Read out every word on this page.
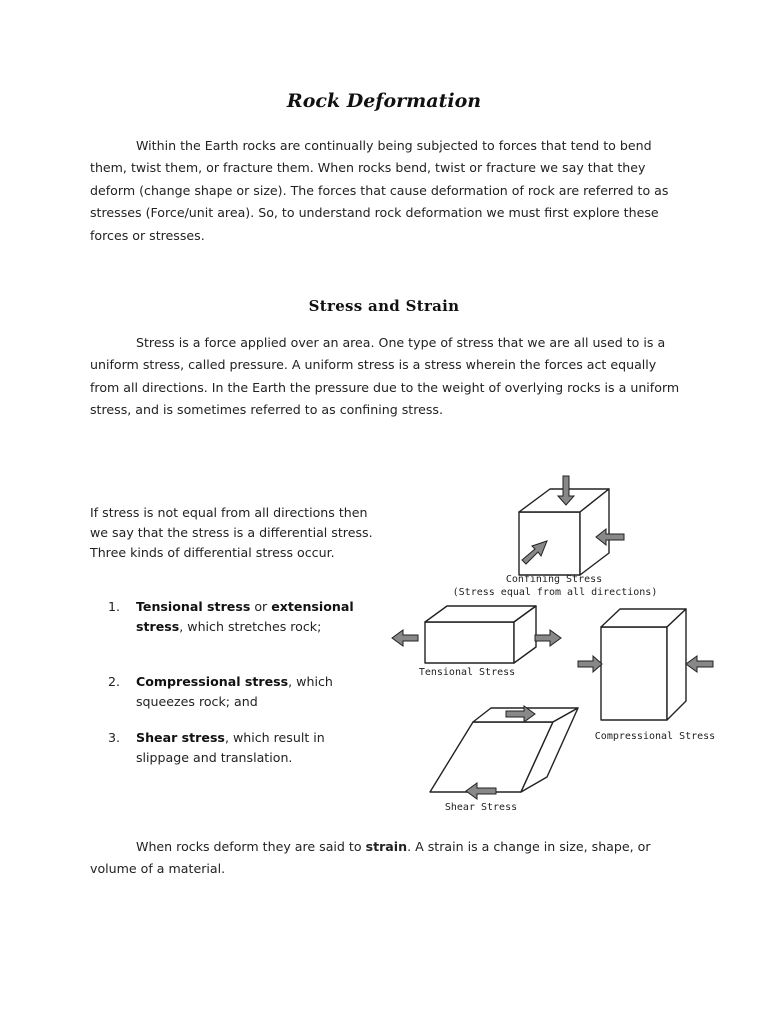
Rock Deformation

Within the Earth rocks are continually being subjected to forces that tend to bend them, twist them, or fracture them. When rocks bend, twist or fracture we say that they deform (change shape or size). The forces that cause deformation of rock are referred to as stresses (Force/unit area). So, to understand rock deformation we must first explore these forces or stresses.

Stress and Strain

Stress is a force applied over an area. One type of stress that we are all used to is a uniform stress, called pressure. A uniform stress is a stress wherein the forces act equally from all directions. In the Earth the pressure due to the weight of overlying rocks is a uniform stress, and is sometimes referred to as confining stress.

If stress is not equal from all directions then we say that the stress is a differential stress. Three kinds of differential stress occur.

1. Tensional stress or extensional stress, which stretches rock;
2. Compressional stress, which squeezes rock; and
3. Shear stress, which result in slippage and translation.
Confining Stress
(Stress equal from all directions)
Tensional Stress
Compressional Stress
Shear Stress

When rocks deform they are said to strain. A strain is a change in size, shape, or volume of a material.
